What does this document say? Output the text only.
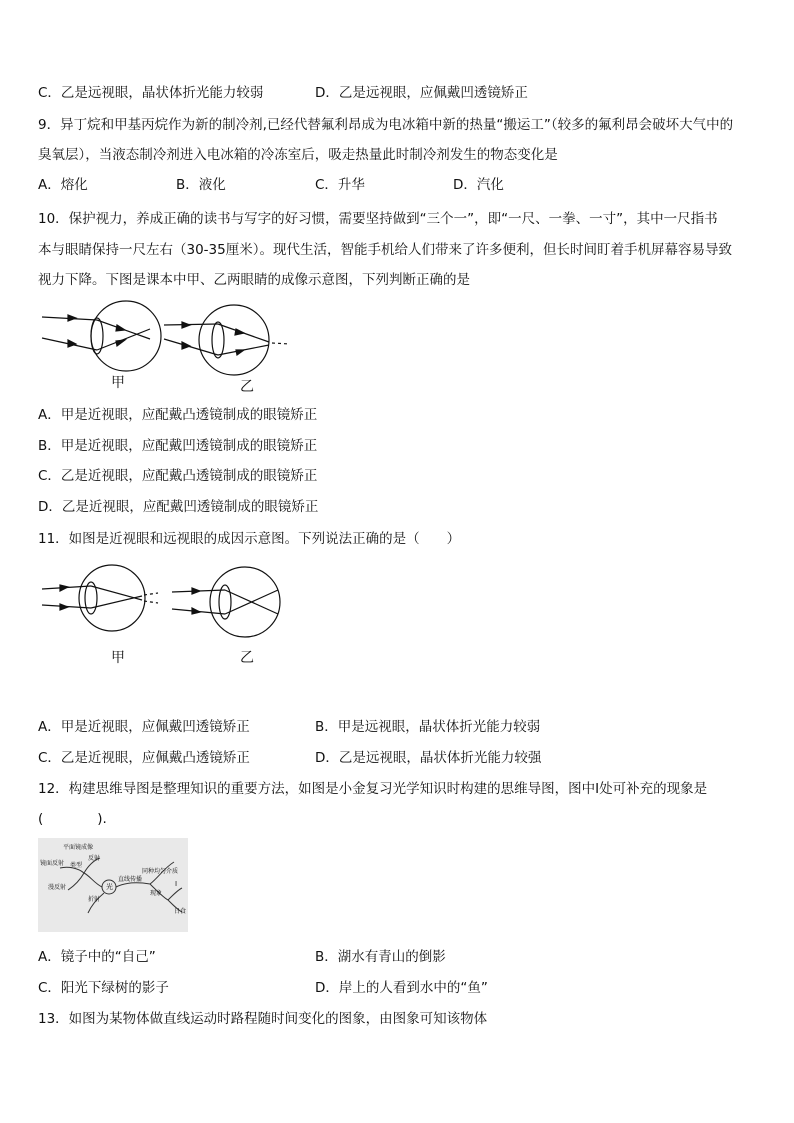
C．乙是远视眼，晶状体折光能力较弱	D．乙是远视眼，应佩戴凹透镜矫正
9．异丁烷和甲基丙烷作为新的制冷剂,已经代替氟利昂成为电冰箱中新的热量“搬运工”（较多的氟利昂会破坏大气中的
臭氧层），当液态制冷剂进入电冰箱的冷冻室后，吸走热量此时制冷剂发生的物态变化是
A．熔化	B．液化	C．升华	D．汽化
10．保护视力，养成正确的读书与写字的好习惯，需要坚持做到“三个一”，即“一尺、一拳、一寸”，其中一尺指书
本与眼睛保持一尺左右（30-35厘米）。现代生活，智能手机给人们带来了许多便利，但长时间盯着手机屏幕容易导致
视力下降。下图是课本中甲、乙两眼睛的成像示意图，下列判断正确的是
甲	乙
A．甲是近视眼，应配戴凸透镜制成的眼镜矫正
B．甲是近视眼，应配戴凹透镜制成的眼镜矫正
C．乙是近视眼，应配戴凸透镜制成的眼镜矫正
D．乙是近视眼，应配戴凹透镜制成的眼镜矫正
11．如图是近视眼和远视眼的成因示意图。下列说法正确的是（　　）
甲	乙
A．甲是近视眼，应佩戴凹透镜矫正	B．甲是远视眼，晶状体折光能力较弱
C．乙是近视眼，应佩戴凸透镜矫正	D．乙是远视眼，晶状体折光能力较强
12．构建思维导图是整理知识的重要方法，如图是小金复习光学知识时构建的思维导图，图中Ⅰ处可补充的现象是
(　　　　).
平面镜成像
镜面反射 类型
反射
漫反射	光
折射
直线传播
同种均匀介质
现象
Ⅰ
日食
A．镜子中的“自己”	B．湖水有青山的倒影
C．阳光下绿树的影子	D．岸上的人看到水中的“鱼”
13．如图为某物体做直线运动时路程随时间变化的图象，由图象可知该物体
